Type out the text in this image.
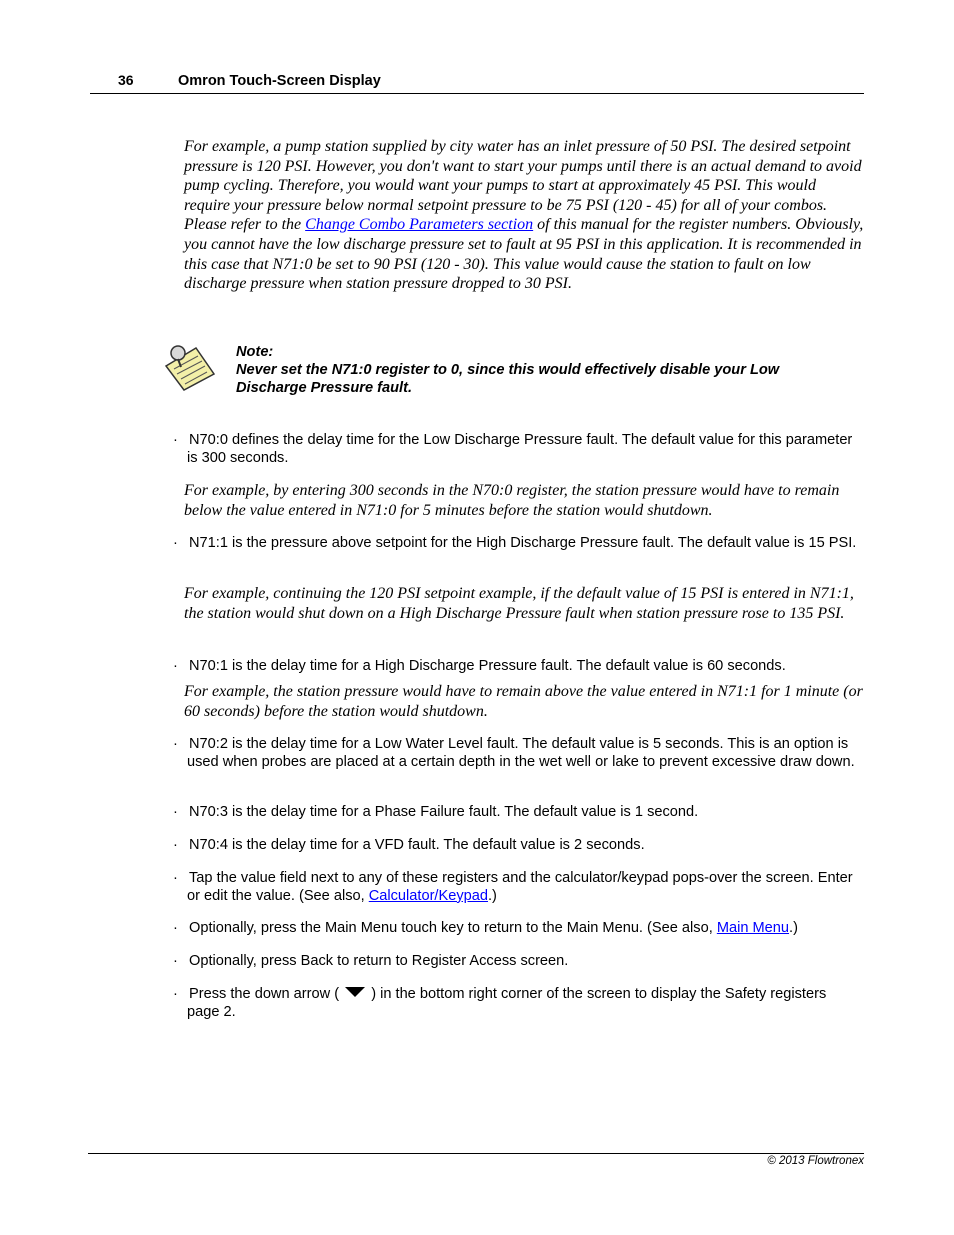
36	Omron Touch-Screen Display

For example, a pump station supplied by city water has an inlet pressure of 50 PSI. The desired setpoint pressure is 120 PSI. However, you don't want to start your pumps until there is an actual demand to avoid pump cycling. Therefore, you would want your pumps to start at approximately 45 PSI. This would require your pressure below normal setpoint pressure to be 75 PSI (120 - 45) for all of your combos. Please refer to the Change Combo Parameters section of this manual for the register numbers. Obviously, you cannot have the low discharge pressure set to fault at 95 PSI in this application. It is recommended in this case that N71:0 be set to 90 PSI (120 - 30). This value would cause the station to fault on low discharge pressure when station pressure dropped to 30 PSI.

Note:
Never set the N71:0 register to 0, since this would effectively disable your Low Discharge Pressure fault.
· N70:0 defines the delay time for the Low Discharge Pressure fault. The default value for this parameter is 300 seconds.

For example, by entering 300 seconds in the N70:0 register, the station pressure would have to remain below the value entered in N71:0 for 5 minutes before the station would shutdown.

· N71:1 is the pressure above setpoint for the High Discharge Pressure fault. The default value is 15 PSI.

For example, continuing the 120 PSI setpoint example, if the default value of 15 PSI is entered in N71:1, the station would shut down on a High Discharge Pressure fault when station pressure rose to 135 PSI.

· N70:1 is the delay time for a High Discharge Pressure fault. The default value is 60 seconds.

For example, the station pressure would have to remain above the value entered in N71:1 for 1 minute (or 60 seconds) before the station would shutdown.

· N70:2 is the delay time for a Low Water Level fault. The default value is 5 seconds. This is an option is used when probes are placed at a certain depth in the wet well or lake to prevent excessive draw down.

· N70:3 is the delay time for a Phase Failure fault. The default value is 1 second.

· N70:4 is the delay time for a VFD fault. The default value is 2 seconds.

· Tap the value field next to any of these registers and the calculator/keypad pops-over the screen. Enter or edit the value. (See also, Calculator/Keypad.)

· Optionally, press the Main Menu touch key to return to the Main Menu. (See also, Main Menu.)

· Optionally, press Back to return to Register Access screen.

· Press the down arrow ( ) in the bottom right corner of the screen to display the Safety registers page 2.

© 2013 Flowtronex
